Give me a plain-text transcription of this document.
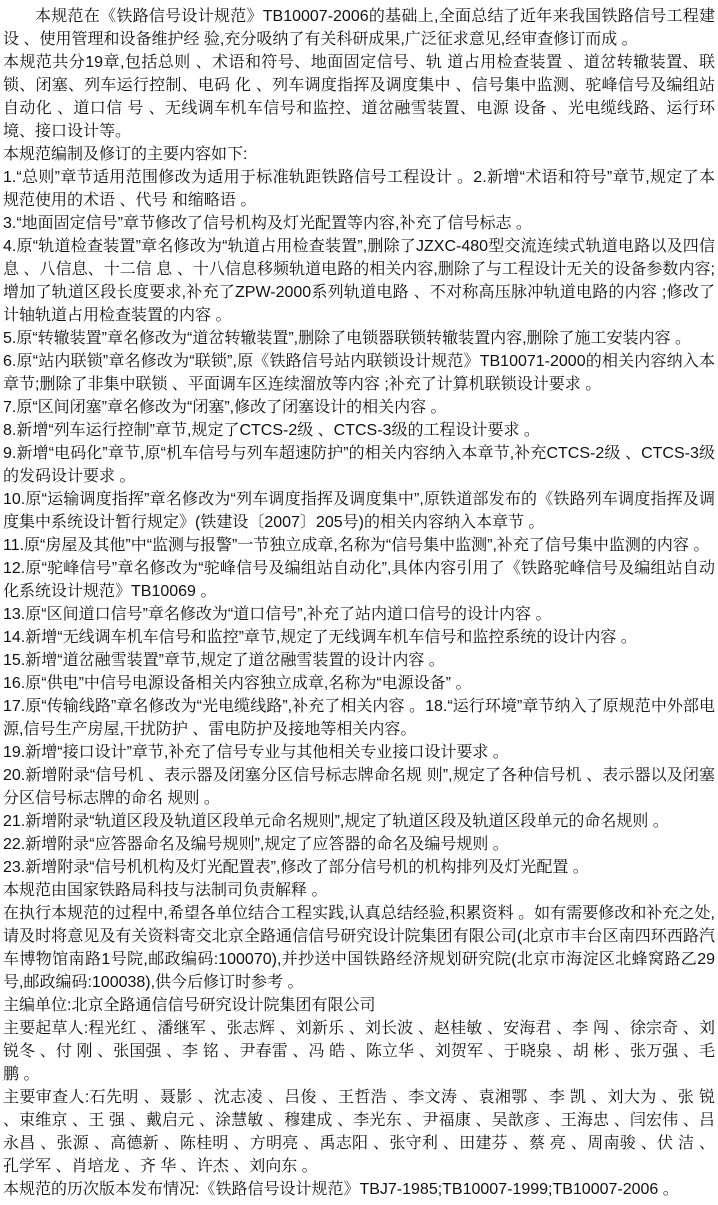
本规范在《铁路信号设计规范》TB10007-2006的基础上,全面总结了近年来我国铁路信号工程建设 、使用管理和设备维护经 验,充分吸纳了有关科研成果,广泛征求意见,经审查修订而成 。

本规范共分19章,包括总则 、术语和符号、地面固定信号、轨 道占用检查装置 、道岔转辙装置、联锁、闭塞、列车运行控制、电码 化 、列车调度指挥及调度集中 、信号集中监测、驼峰信号及编组站 自动化 、道口信 号 、无线调车机车信号和监控、道岔融雪装置、电源 设备 、光电缆线路、运行环境、接口设计等。

本规范编制及修订的主要内容如下:

1.“总则”章节适用范围修改为适用于标准轨距铁路信号工程设计 。2.新增“术语和符号”章节,规定了本规范使用的术语 、代号 和缩略语 。

3.“地面固定信号”章节修改了信号机构及灯光配置等内容,补充了信号标志 。

4.原“轨道检查装置”章名修改为“轨道占用检查装置”,删除了JZXC-480型交流连续式轨道电路以及四信息 、八信息、十二信 息 、十八信息移频轨道电路的相关内容,删除了与工程设计无关的设备参数内容;增加了轨道区段长度要求,补充了ZPW-2000系列轨道电路 、不对称高压脉冲轨道电路的内容 ;修改了计轴轨道占用检查装置的内容 。

5.原“转辙装置”章名修改为“道岔转辙装置”,删除了电锁器联锁转辙装置内容,删除了施工安装内容 。

6.原“站内联锁”章名修改为“联锁”,原《铁路信号站内联锁设计规范》TB10071-2000的相关内容纳入本章节;删除了非集中联锁 、平面调车区连续溜放等内容 ;补充了计算机联锁设计要求 。

7.原“区间闭塞”章名修改为“闭塞”,修改了闭塞设计的相关内容 。

8.新增“列车运行控制”章节,规定了CTCS-2级 、CTCS-3级的工程设计要求 。

9.新增“电码化”章节,原“机车信号与列车超速防护”的相关内容纳入本章节,补充CTCS-2级 、CTCS-3级的发码设计要求 。

10.原“运输调度指挥”章名修改为“列车调度指挥及调度集中”,原铁道部发布的《铁路列车调度指挥及调度集中系统设计暂行规定》(铁建设〔2007〕205号)的相关内容纳入本章节 。

11.原“房屋及其他”中“监测与报警”一节独立成章,名称为“信号集中监测”,补充了信号集中监测的内容 。

12.原“驼峰信号”章名修改为“驼峰信号及编组站自动化”,具体内容引用了《铁路驼峰信号及编组站自动化系统设计规范》TB10069 。

13.原“区间道口信号”章名修改为“道口信号”,补充了站内道口信号的设计内容 。

14.新增“无线调车机车信号和监控”章节,规定了无线调车机车信号和监控系统的设计内容 。

15.新增“道岔融雪装置”章节,规定了道岔融雪装置的设计内容 。

16.原“供电”中信号电源设备相关内容独立成章,名称为“电源设备” 。

17.原“传输线路”章名修改为“光电缆线路”,补充了相关内容 。18.“运行环境”章节纳入了原规范中外部电源,信号生产房屋,干扰防护 、雷电防护及接地等相关内容。

19.新增“接口设计”章节,补充了信号专业与其他相关专业接口设计要求 。

20.新增附录“信号机 、表示器及闭塞分区信号标志牌命名规 则”,规定了各种信号机 、表示器以及闭塞分区信号标志牌的命名 规则 。

21.新增附录“轨道区段及轨道区段单元命名规则”,规定了轨道区段及轨道区段单元的命名规则 。

22.新增附录“应答器命名及编号规则”,规定了应答器的命名及编号规则 。

23.新增附录“信号机机构及灯光配置表”,修改了部分信号机的机构排列及灯光配置 。

本规范由国家铁路局科技与法制司负责解释 。

在执行本规范的过程中,希望各单位结合工程实践,认真总结经验,积累资料 。如有需要修改和补充之处,请及时将意见及有关资料寄交北京全路通信信号研究设计院集团有限公司(北京市丰台区南四环西路汽车博物馆南路1号院,邮政编码:100070),并抄送中国铁路经济规划研究院(北京市海淀区北蜂窝路乙29号,邮政编码:100038),供今后修订时参考 。

主编单位:北京全路通信信号研究设计院集团有限公司

主要起草人:程光红 、潘继军 、张志辉 、刘新乐 、刘长波 、赵桂敏 、安海君 、李 闯 、徐宗奇 、刘锐冬 、付 刚 、张国强 、李 铭 、尹春雷 、冯 皓 、陈立华 、刘贺军 、于晓泉 、胡 彬 、张万强 、毛 鹏 。

主要审查人:石先明 、聂影 、沈志凌 、吕俊 、王哲浩 、李文涛 、袁湘鄂 、李 凯 、刘大为 、张 锐 、束维京 、王 强 、戴启元 、涂慧敏 、穆建成 、李光东 、尹福康 、吴歆彦 、王海忠 、闫宏伟 、吕永昌 、张源 、高德新 、陈桂明 、方明亮 、禹志阳 、张守利 、田建芬 、蔡 亮 、周南骏 、伏 洁 、孔学军 、肖培龙 、齐 华 、许杰 、刘向东 。

本规范的历次版本发布情况:《铁路信号设计规范》TBJ7-1985;TB10007-1999;TB10007-2006 。
